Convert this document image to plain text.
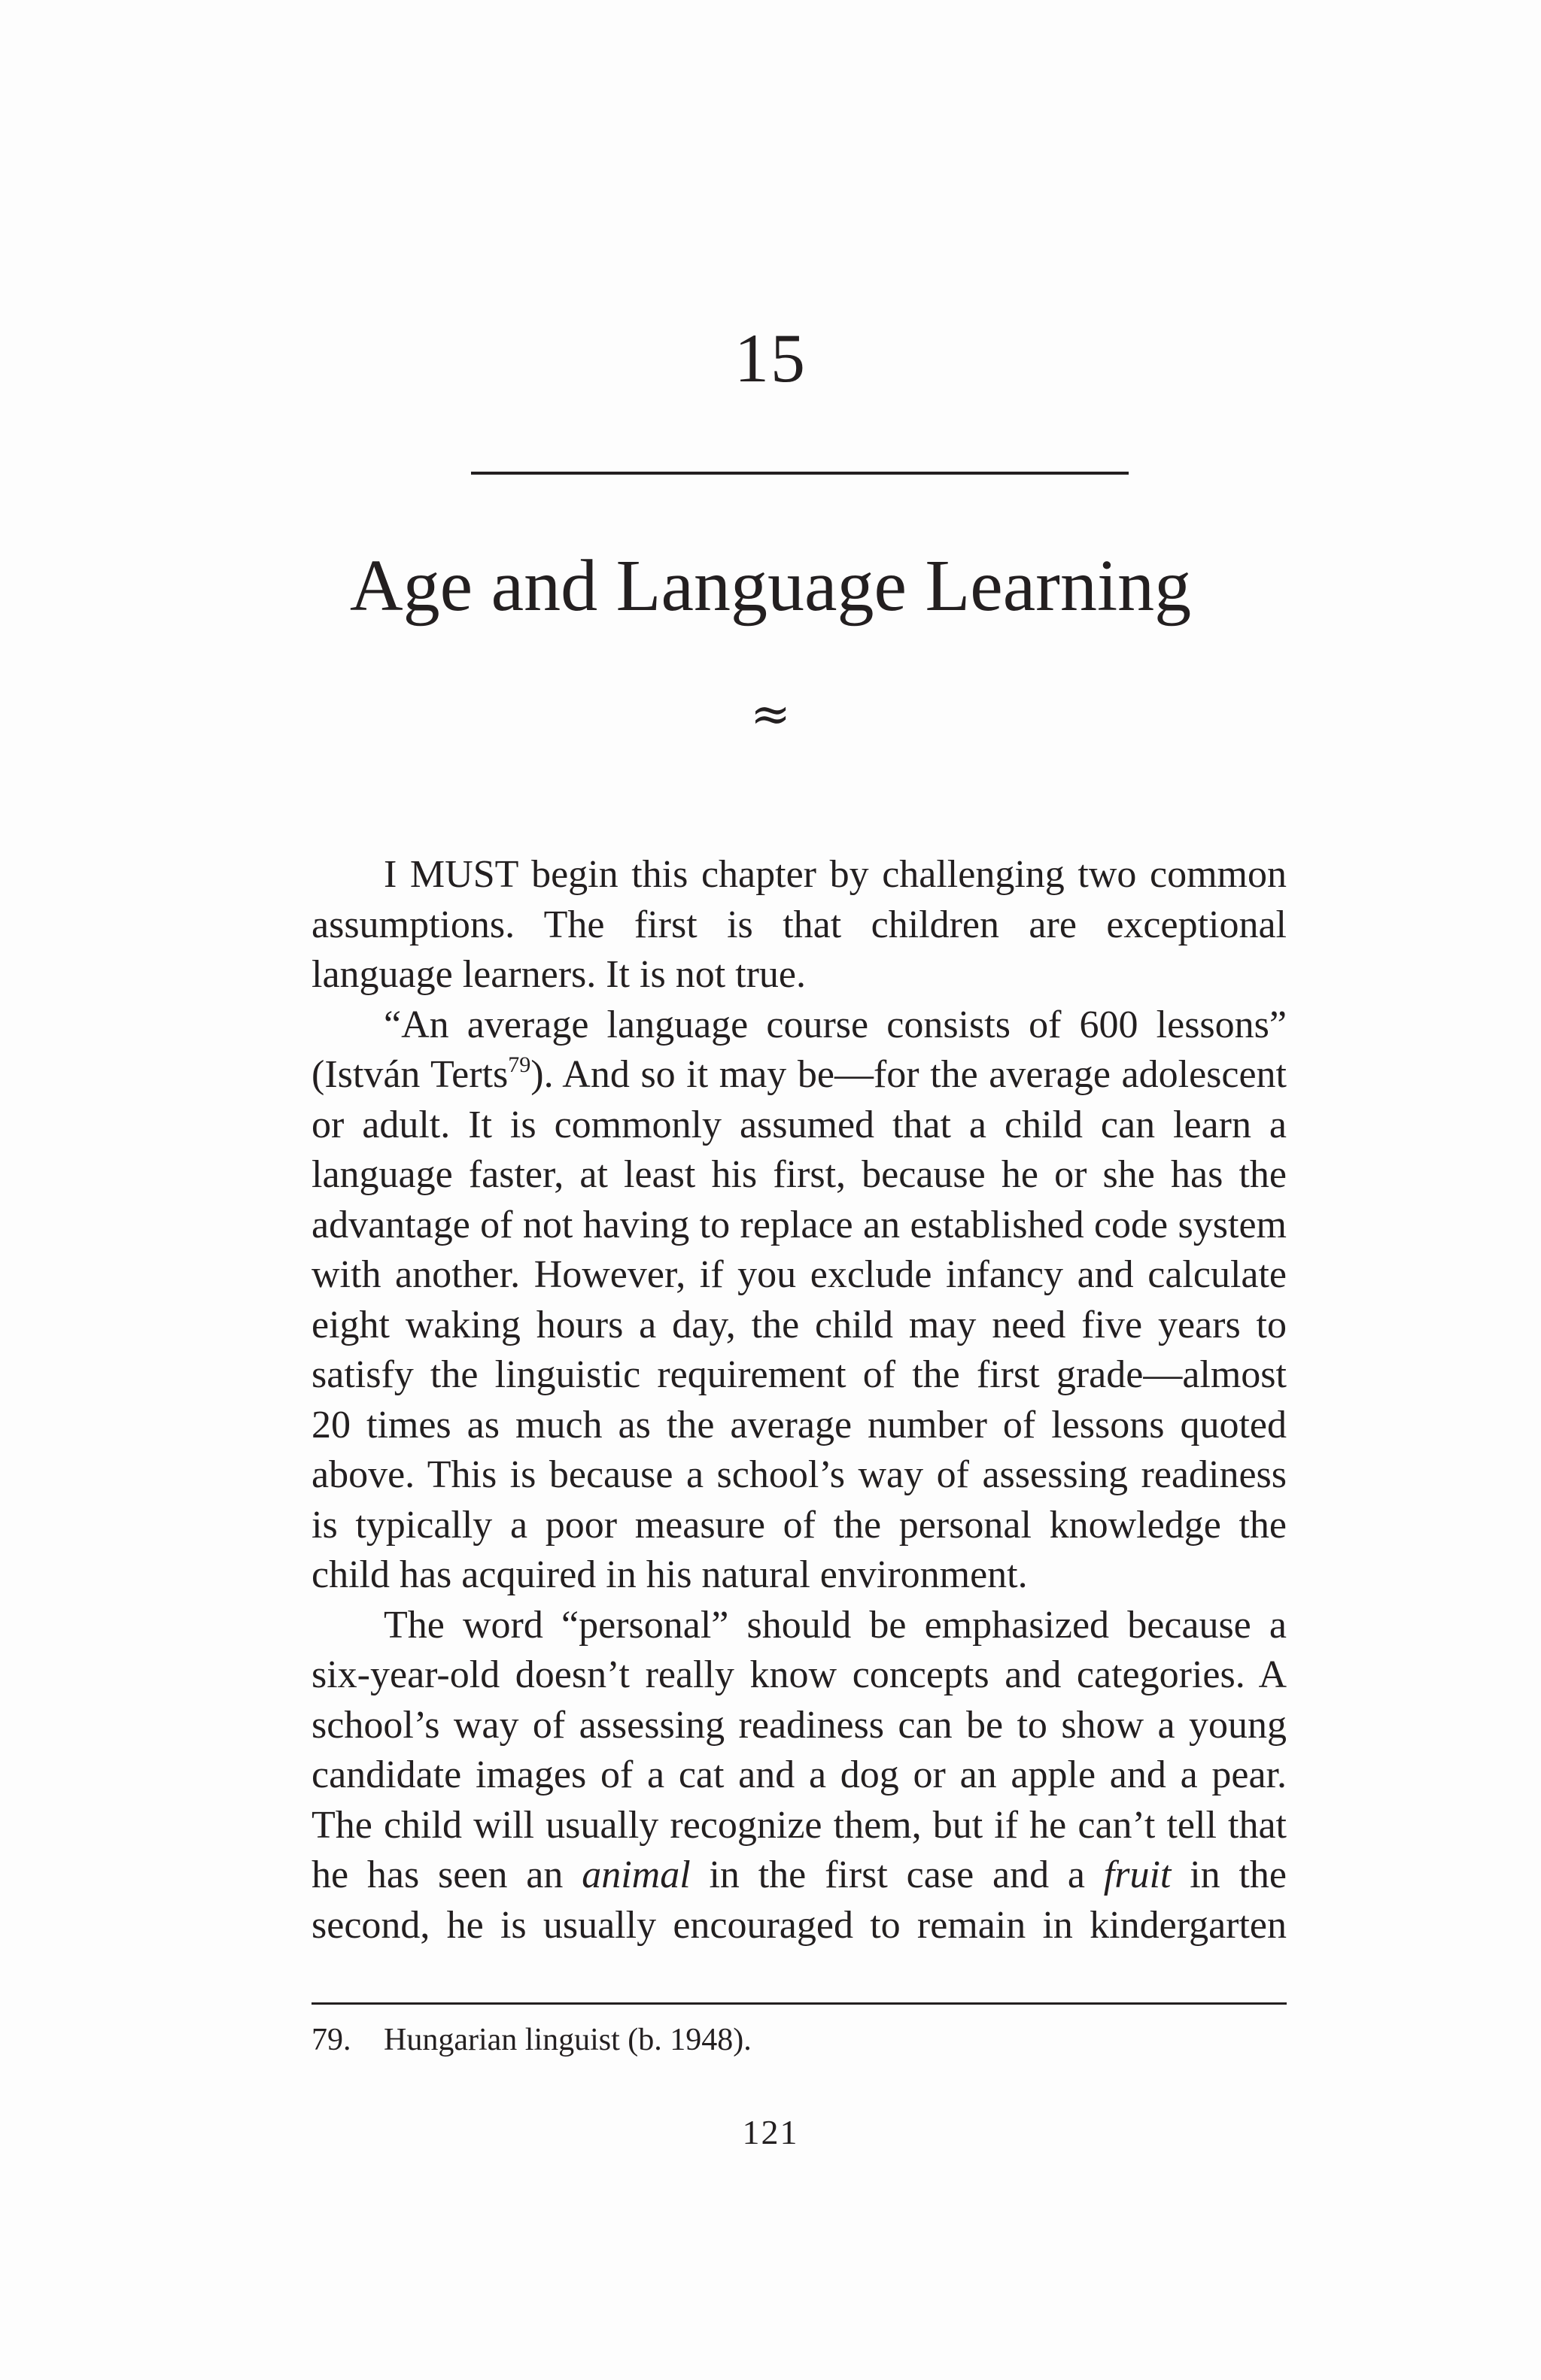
15
Age and Language Learning
≈

I MUST begin this chapter by challenging two common assumptions. The first is that children are exceptional language learners. It is not true.

“An average language course consists of 600 lessons” (István Terts$^{79}$). And so it may be—for the average adolescent or adult. It is commonly assumed that a child can learn a language faster, at least his first, because he or she has the advantage of not having to replace an established code system with another. However, if you exclude infancy and calculate eight waking hours a day, the child may need five years to satisfy the linguistic requirement of the first grade—almost 20 times as much as the average number of lessons quoted above. This is because a school’s way of assessing readiness is typically a poor measure of the personal knowledge the child has acquired in his natural environment.

The word “personal” should be emphasized because a six-year-old doesn’t really know concepts and categories. A school’s way of assessing readiness can be to show a young candidate images of a cat and a dog or an apple and a pear. The child will usually recognize them, but if he can’t tell that he has seen an animal in the first case and a fruit in the second, he is usually encouraged to remain in kindergarten

79. Hungarian linguist (b. 1948).
121
